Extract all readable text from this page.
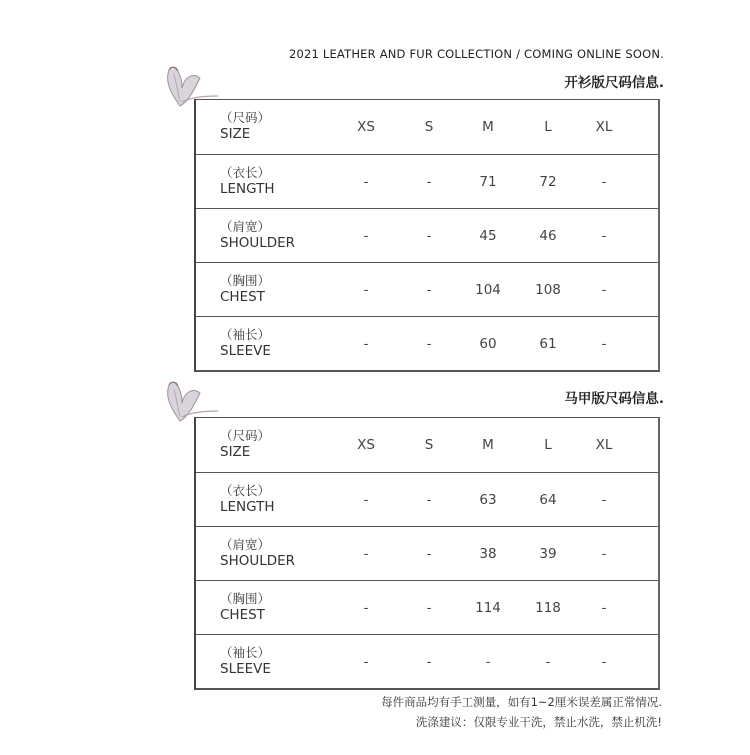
2021 LEATHER AND FUR COLLECTION / COMING ONLINE SOON.
开衫版尺码信息.
（尺码）
SIZE	XS	S	M	L	XL
（衣长）
LENGTH	-	-	71	72	-
（肩宽）
SHOULDER	-	-	45	46	-
（胸围）
CHEST	-	-	104	108	-
（袖长）
SLEEVE	-	-	60	61	-
马甲版尺码信息.
（尺码）
SIZE	XS	S	M	L	XL
（衣长）
LENGTH	-	-	63	64	-
（肩宽）
SHOULDER	-	-	38	39	-
（胸围）
CHEST	-	-	114	118	-
（袖长）
SLEEVE	-	-	-	-	-
每件商品均有手工测量，如有1~2厘米误差属正常情况.
洗涤建议：仅限专业干洗，禁止水洗，禁止机洗!
